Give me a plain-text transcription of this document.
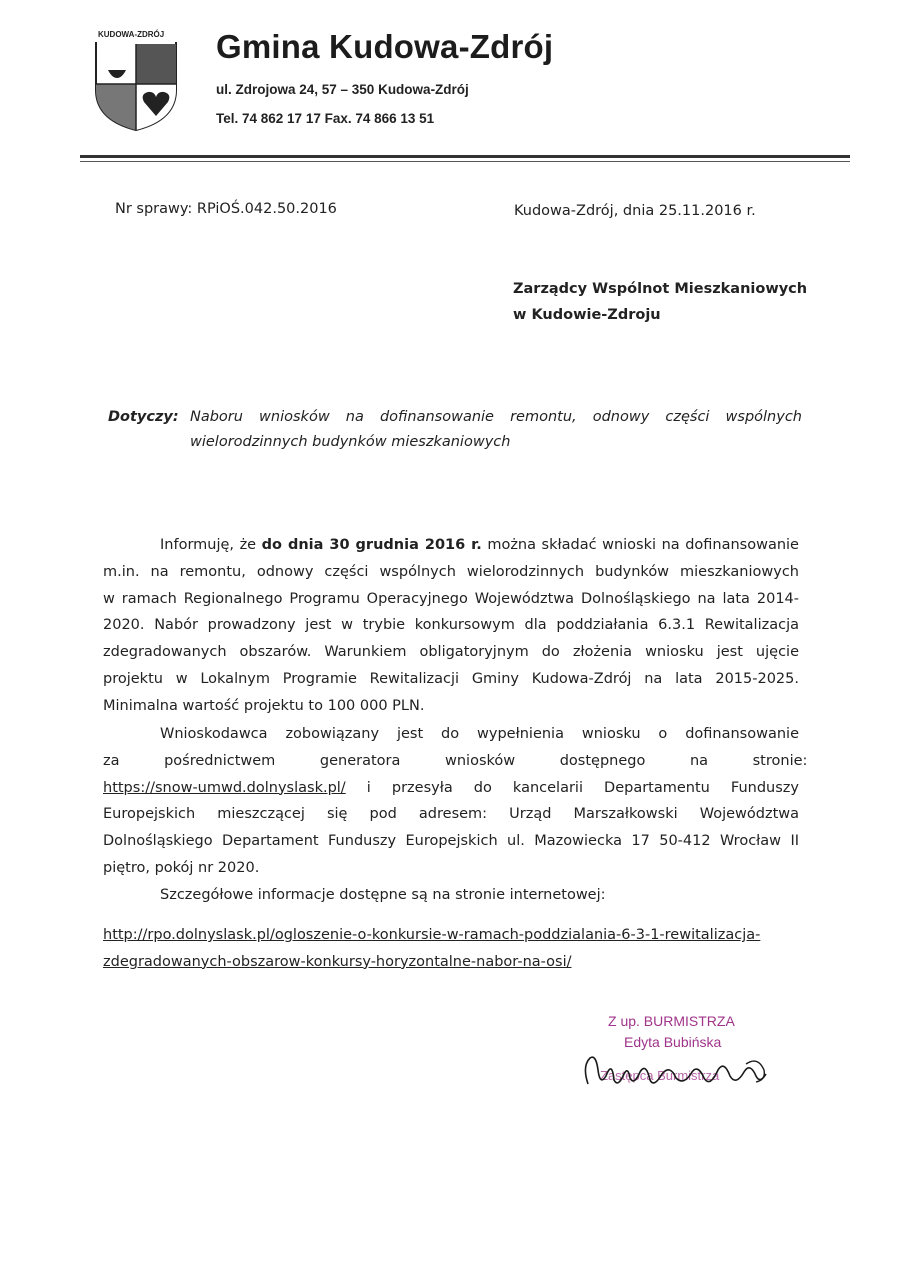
KUDOWA-ZDRÓJ Gmina Kudowa-Zdrój
ul. Zdrojowa 24, 57 – 350 Kudowa-Zdrój
Tel. 74 862 17 17 Fax. 74 866 13 51
Nr sprawy: RPiOŚ.042.50.2016	Kudowa-Zdrój, dnia 25.11.2016 r.
Zarządcy Wspólnot Mieszkaniowych
w Kudowie-Zdroju
Dotyczy: Naboru wniosków na dofinansowanie remontu, odnowy części wspólnych
wielorodzinnych budynków mieszkaniowych
Informuję, że do dnia 30 grudnia 2016 r. można składać wnioski na dofinansowanie
m.in. na remontu, odnowy części wspólnych wielorodzinnych budynków mieszkaniowych
w ramach Regionalnego Programu Operacyjnego Województwa Dolnośląskiego na lata 2014-
2020. Nabór prowadzony jest w trybie konkursowym dla poddziałania 6.3.1 Rewitalizacja
zdegradowanych obszarów. Warunkiem obligatoryjnym do złożenia wniosku jest ujęcie
projektu w Lokalnym Programie Rewitalizacji Gminy Kudowa-Zdrój na lata 2015-2025.
Minimalna wartość projektu to 100 000 PLN.
Wnioskodawca zobowiązany jest do wypełnienia wniosku o dofinansowanie
za pośrednictwem generatora wniosków dostępnego na stronie:
https://snow-umwd.dolnyslask.pl/ i przesyła do kancelarii Departamentu Funduszy
Europejskich mieszczącej się pod adresem: Urząd Marszałkowski Województwa
Dolnośląskiego Departament Funduszy Europejskich ul. Mazowiecka 17 50-412 Wrocław II
piętro, pokój nr 2020.
Szczegółowe informacje dostępne są na stronie internetowej:
http://rpo.dolnyslask.pl/ogloszenie-o-konkursie-w-ramach-poddzialania-6-3-1-rewitalizacja-
zdegradowanych-obszarow-konkursy-horyzontalne-nabor-na-osi/
Z up. BURMISTRZA
Edyta Bubińska
Zastępca Burmistrza
